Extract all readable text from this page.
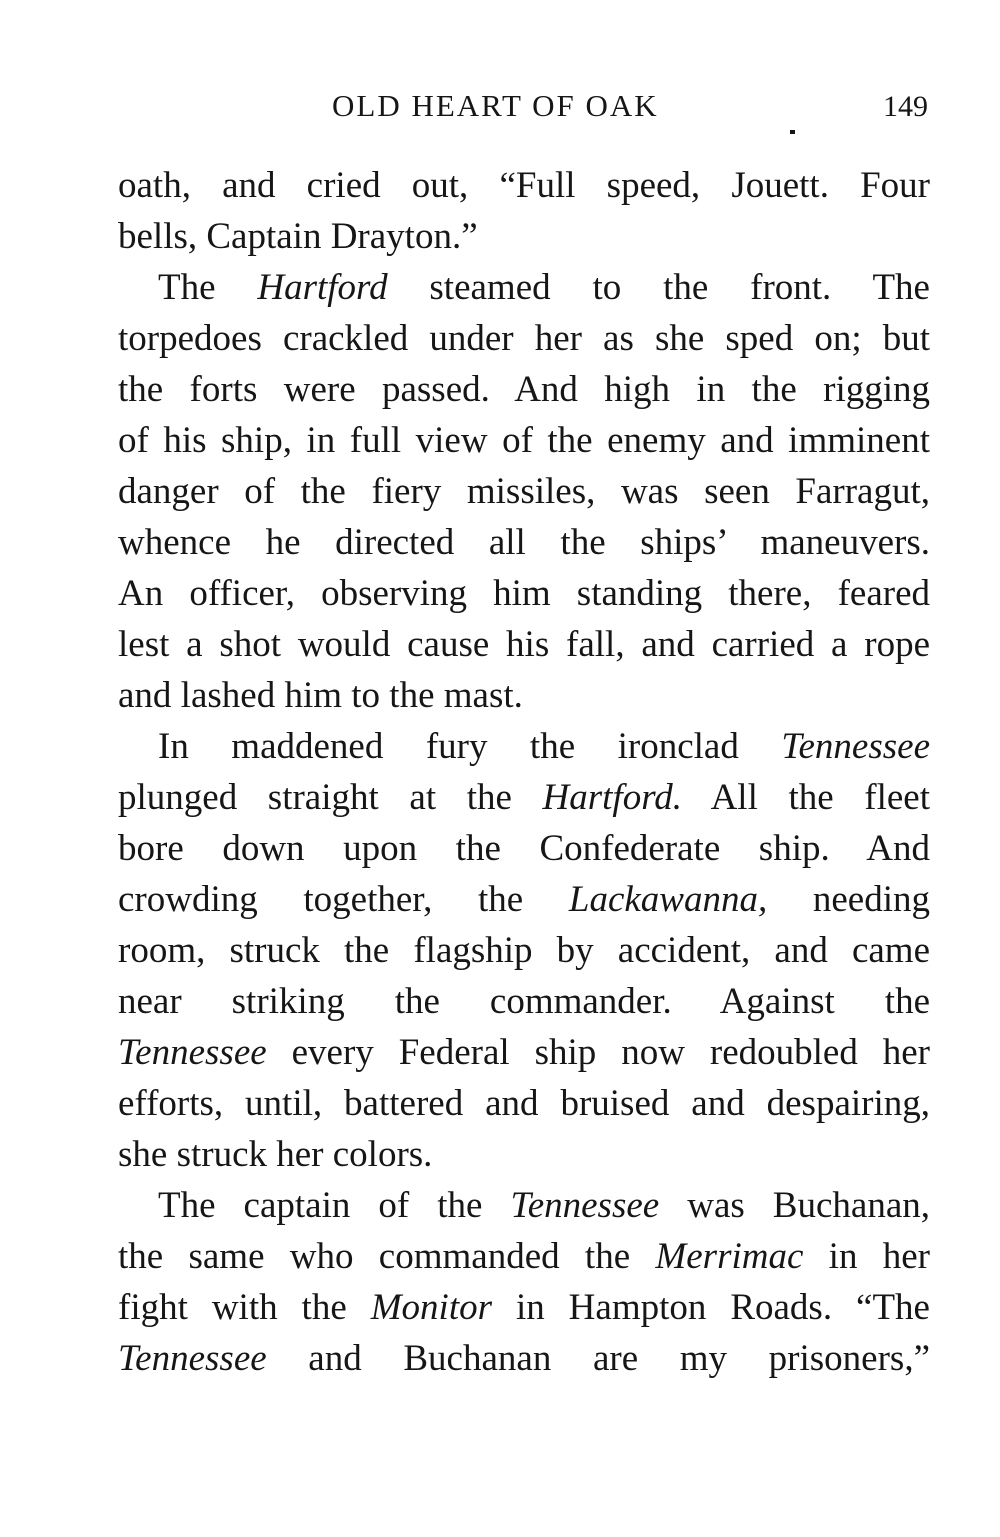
OLD HEART OF OAK	149
oath, and cried out, “Full speed, Jouett. Four
bells, Captain Drayton.”
The Hartford steamed to the front. The
torpedoes crackled under her as she sped on; but
the forts were passed. And high in the rigging
of his ship, in full view of the enemy and imminent
danger of the fiery missiles, was seen Farragut,
whence he directed all the ships’ maneuvers.
An officer, observing him standing there, feared
lest a shot would cause his fall, and carried a rope
and lashed him to the mast.
In maddened fury the ironclad Tennessee
plunged straight at the Hartford. All the fleet
bore down upon the Confederate ship. And
crowding together, the Lackawanna, needing
room, struck the flagship by accident, and came
near striking the commander. Against the
Tennessee every Federal ship now redoubled her
efforts, until, battered and bruised and despairing,
she struck her colors.
The captain of the Tennessee was Buchanan,
the same who commanded the Merrimac in her
fight with the Monitor in Hampton Roads. “The
Tennessee and Buchanan are my prisoners,”
